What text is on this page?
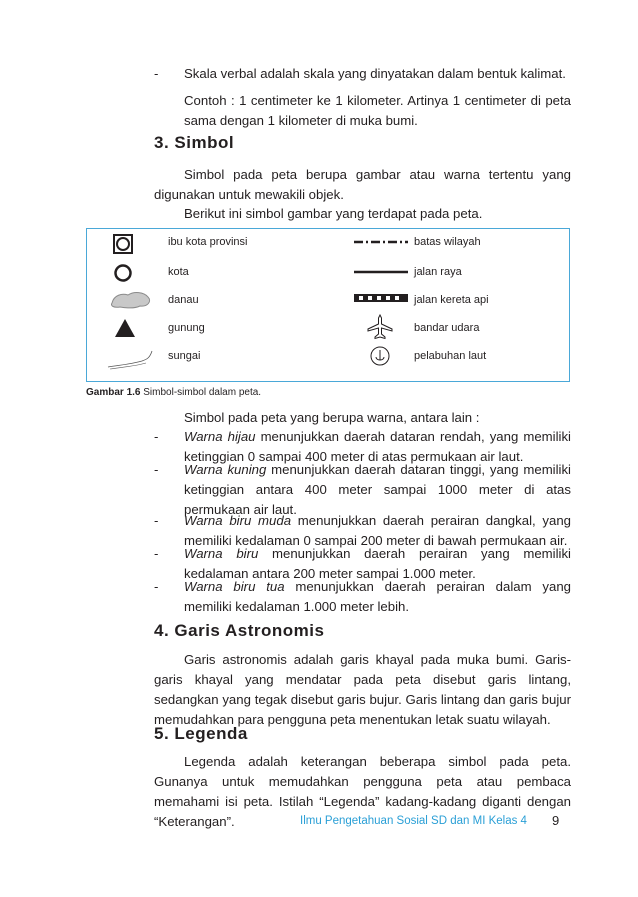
- Skala verbal adalah skala yang dinyatakan dalam bentuk kalimat.
Contoh : 1 centimeter ke 1 kilometer. Artinya 1 centimeter di peta sama dengan 1 kilometer di muka bumi.
3. Simbol
Simbol pada peta berupa gambar atau warna tertentu yang digunakan untuk mewakili objek.
Berikut ini simbol gambar yang terdapat pada peta.
ibu kota provinsi
kota
danau
gunung
sungai
batas wilayah
jalan raya
jalan kereta api
bandar udara
pelabuhan laut
Gambar 1.6 Simbol-simbol dalam peta.
Simbol pada peta yang berupa warna, antara lain :
- Warna hijau menunjukkan daerah dataran rendah, yang memiliki ketinggian 0 sampai 400 meter di atas permukaan air laut.
- Warna kuning menunjukkan daerah dataran tinggi, yang memiliki ketinggian antara 400 meter sampai 1000 meter di atas permukaan air laut.
- Warna biru muda menunjukkan daerah perairan dangkal, yang memiliki kedalaman 0 sampai 200 meter di bawah permukaan air.
- Warna biru menunjukkan daerah perairan yang memiliki kedalaman antara 200 meter sampai 1.000 meter.
- Warna biru tua menunjukkan daerah perairan dalam yang memiliki kedalaman 1.000 meter lebih.
4. Garis Astronomis
Garis astronomis adalah garis khayal pada muka bumi. Garis-garis khayal yang mendatar pada peta disebut garis lintang, sedangkan yang tegak disebut garis bujur. Garis lintang dan garis bujur memudahkan para pengguna peta menentukan letak suatu wilayah.
5. Legenda
Legenda adalah keterangan beberapa simbol pada peta. Gunanya untuk memudahkan pengguna peta atau pembaca memahami isi peta. Istilah “Legenda” kadang-kadang diganti dengan “Keterangan”.	Ilmu Pengetahuan Sosial SD dan MI Kelas 4 9
